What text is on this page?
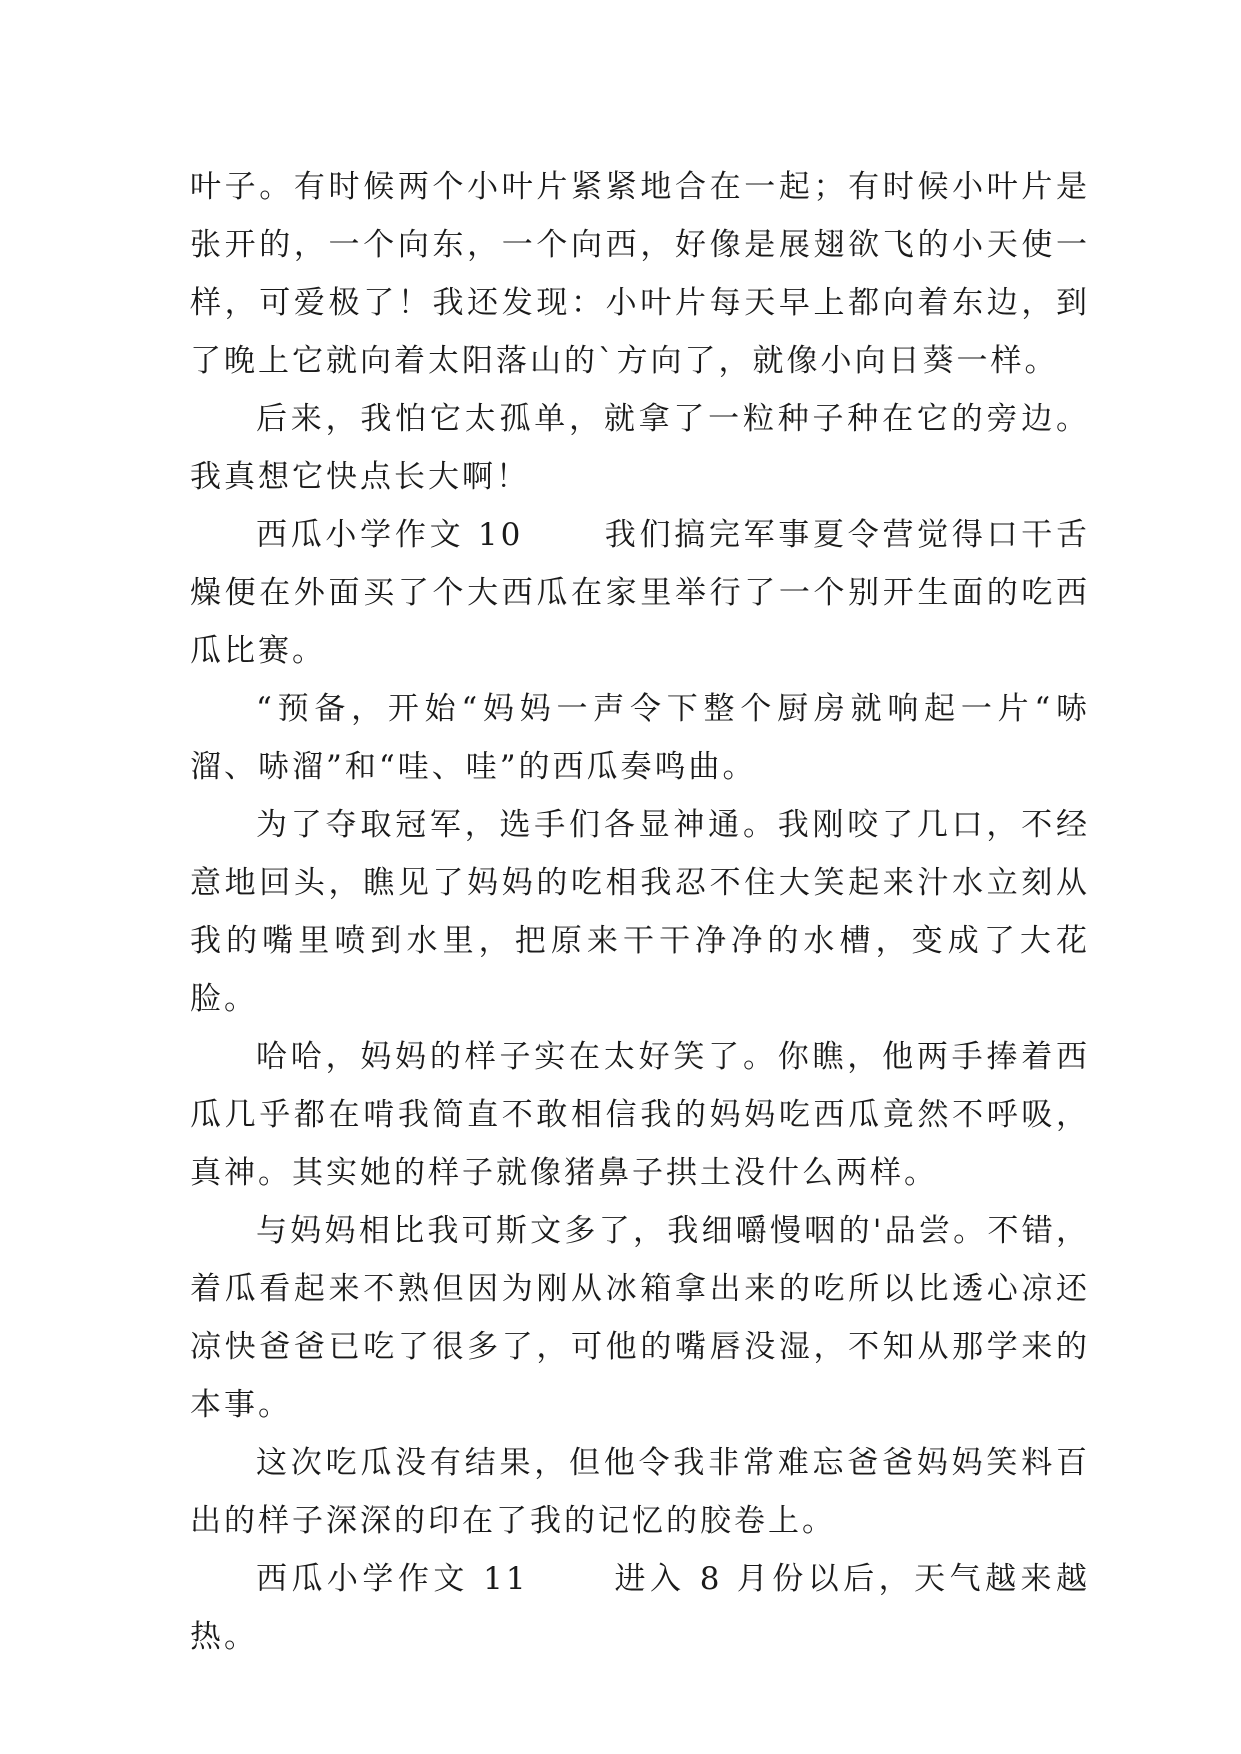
叶子。有时候两个小叶片紧紧地合在一起；有时候小叶片是张开的，一个向东，一个向西，好像是展翅欲飞的小天使一样，可爱极了！我还发现：小叶片每天早上都向着东边，到了晚上它就向着太阳落山的`方向了，就像小向日葵一样。

后来，我怕它太孤单，就拿了一粒种子种在它的旁边。我真想它快点长大啊！

西瓜小学作文 10	我们搞完军事夏令营觉得口干舌燥便在外面买了个大西瓜在家里举行了一个别开生面的吃西瓜比赛。

“预备，开始“妈妈一声令下整个厨房就响起一片“哧溜、哧溜”和“哇、哇”的西瓜奏鸣曲。

为了夺取冠军，选手们各显神通。我刚咬了几口，不经意地回头，瞧见了妈妈的吃相我忍不住大笑起来汁水立刻从我的嘴里喷到水里，把原来干干净净的水槽，变成了大花脸。

哈哈，妈妈的样子实在太好笑了。你瞧，他两手捧着西瓜几乎都在啃我简直不敢相信我的妈妈吃西瓜竟然不呼吸，真神。其实她的样子就像猪鼻子拱土没什么两样。

与妈妈相比我可斯文多了，我细嚼慢咽的'品尝。不错，着瓜看起来不熟但因为刚从冰箱拿出来的吃所以比透心凉还凉快爸爸已吃了很多了，可他的嘴唇没湿，不知从那学来的本事。

这次吃瓜没有结果，但他令我非常难忘爸爸妈妈笑料百出的样子深深的印在了我的记忆的胶卷上。

西瓜小学作文 11	进入 8 月份以后，天气越来越热。
